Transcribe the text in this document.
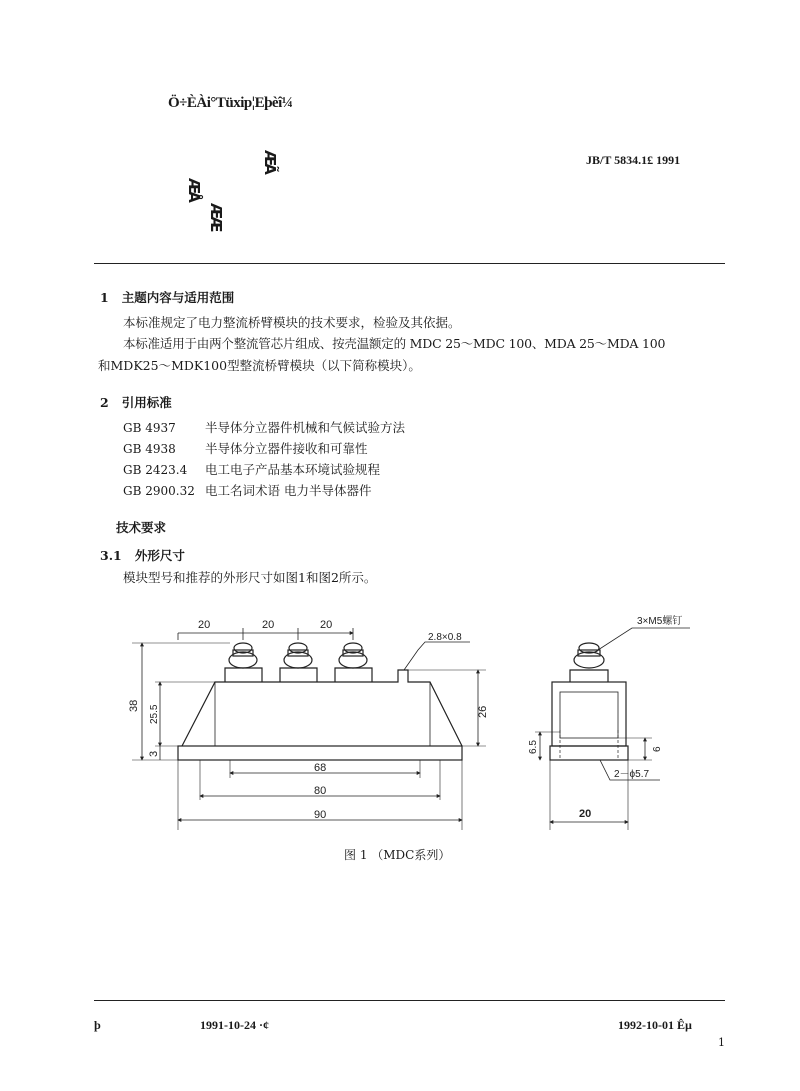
Ö÷ÈÀi°Tüxip¦Eþèî¼
JB/T 5834.1£ 1991
ÆÃ
ÆÅ
ÆÆ
1 主题内容与适用范围
本标准规定了电力整流桥臂模块的技术要求，检验及其依据。
本标准适用于由两个整流管芯片组成、按壳温额定的 MDC 25～MDC 100、MDA 25～MDA 100
和MDK25～MDK100型整流桥臂模块（以下简称模块）。
2 引用标准
GB 4937 半导体分立器件机械和气候试验方法
GB 4938 半导体分立器件接收和可靠性
GB 2423.4 电工电子产品基本环境试验规程
GB 2900.32 电工名词术语 电力半导体器件
技术要求
3.1 外形尺寸
模块型号和推荐的外形尺寸如图1和图2所示。
20	20	20
2.8×0.8
38 25.5	26
3
68
80
90
3×M5螺钉
6.5	6
2－ϕ5.7
20
图 1 （MDC系列）
þ	1991-10-24 ·¢	1992-10-01 Êµ
1
